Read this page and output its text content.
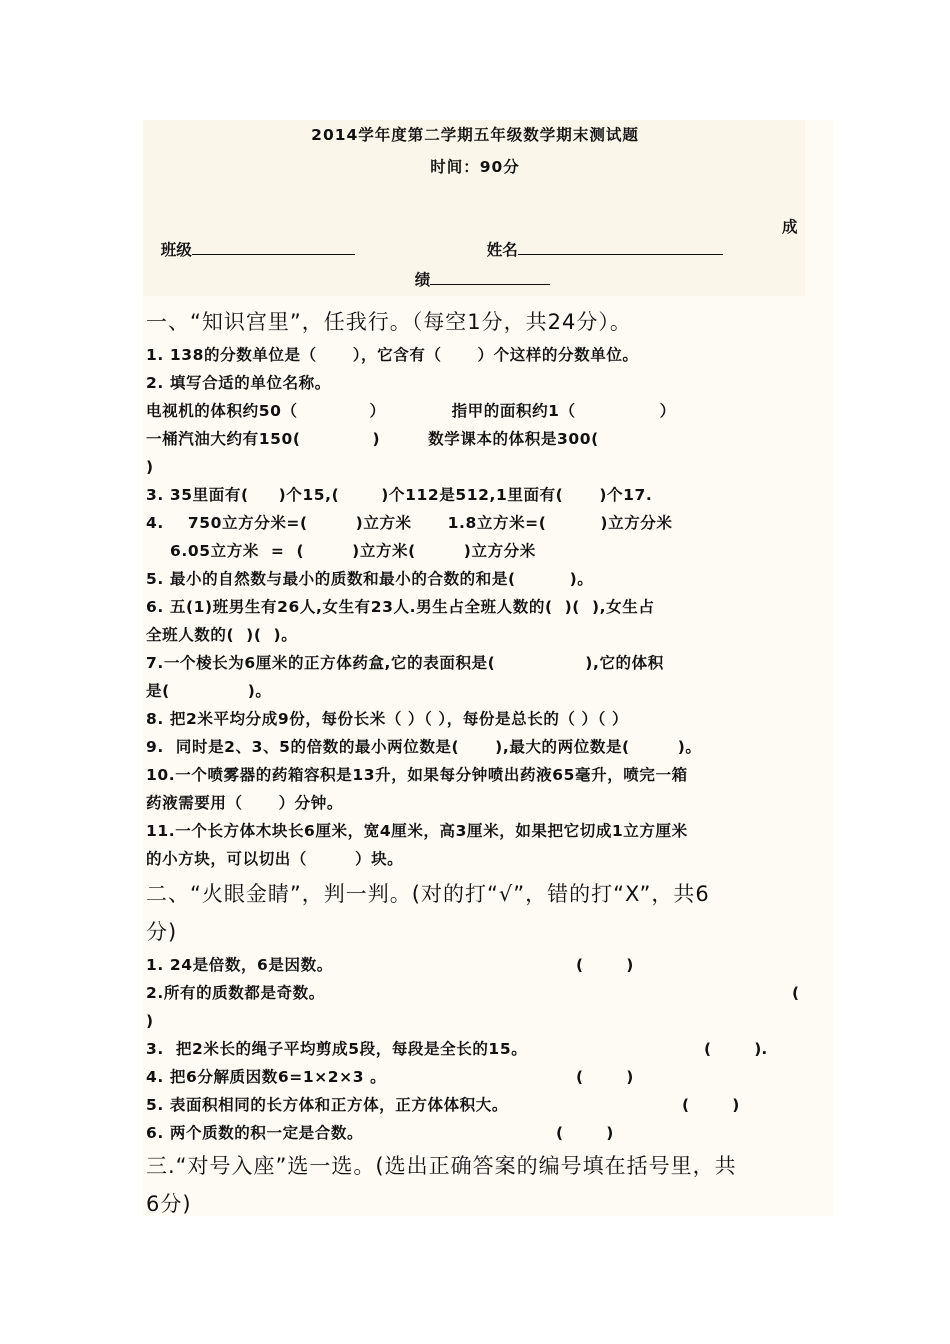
2014学年度第二学期五年级数学期末测试题
时间：90分

班级	姓名

成

绩

一、“知识宫里”，任我行。（每空1分，共24分）。
1. 138的分数单位是（      ），它含有（      ）个这样的分数单位。
2. 填写合适的单位名称。
电视机的体积约50（            ）           指甲的面积约1（              ）
一桶汽油大约有150(            )        数学课本的体积是300(
)
3. 35里面有(     )个15,(       )个112是512,1里面有(      )个17.
4.    750立方分米=(        )立方米      1.8立方米=(         )立方分米
6.05立方米  =  (        )立方米(        )立方分米
5. 最小的自然数与最小的质数和最小的合数的和是(         )。
6. 五(1)班男生有26人,女生有23人.男生占全班人数的(  )(  ),女生占
全班人数的(  )(  )。
7.一个棱长为6厘米的正方体药盒,它的表面积是(               ),它的体积
是(             )。
8. 把2米平均分成9份，每份长米（ ）（ ），每份是总长的（ ）（ ）
9.  同时是2、3、5的倍数的最小两位数是(      ),最大的两位数是(        )。
10.一个喷雾器的药箱容积是13升，如果每分钟喷出药液65毫升，喷完一箱
药液需要用（      ）分钟。
11.一个长方体木块长6厘米，宽4厘米，高3厘米，如果把它切成1立方厘米
的小方块，可以切出（        ）块。
二、“火眼金睛”，判一判。(对的打“√”，错的打“X”，共6
分)
1. 24是倍数，6是因数。	(        )
2.所有的质数都是奇数。	(
)
3.  把2米长的绳子平均剪成5段，每段是全长的15。	(        ).
4. 把6分解质因数6=1×2×3 。	(        )
5. 表面积相同的长方体和正方体，正方体体积大。	(        )
6. 两个质数的积一定是合数。	(        )
三.“对号入座”选一选。(选出正确答案的编号填在括号里，共
6分)
